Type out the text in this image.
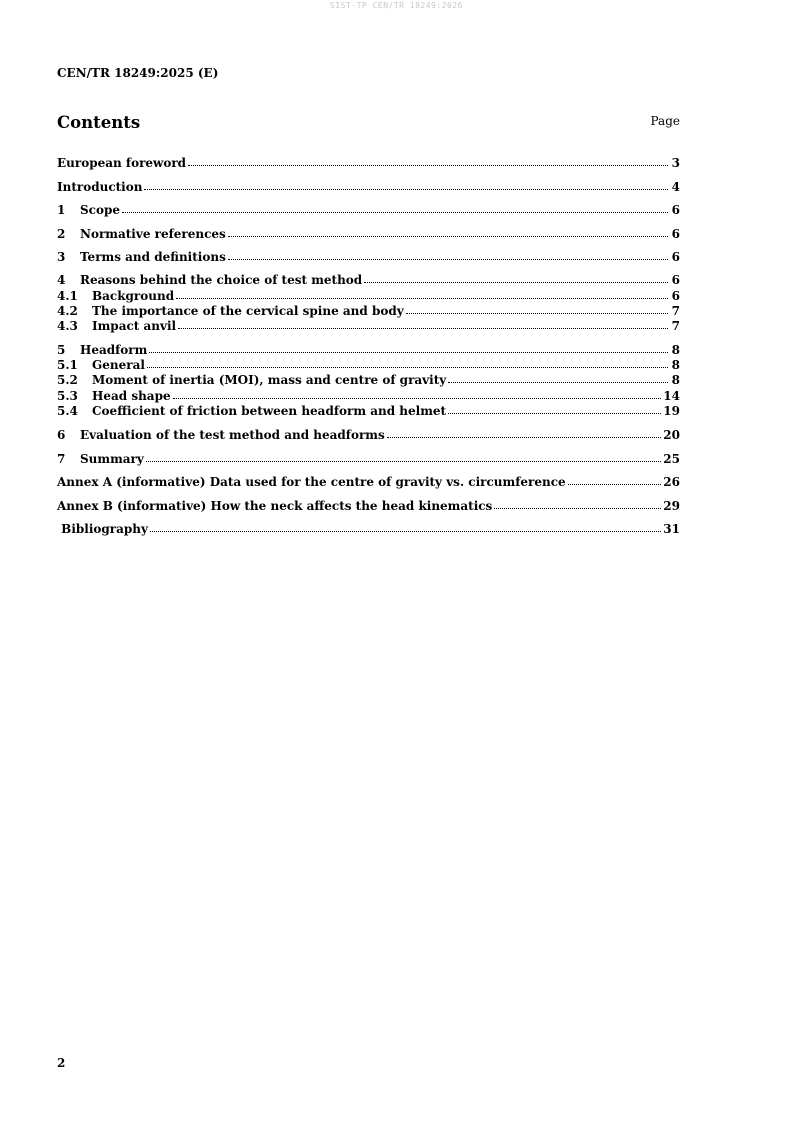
SIST-TP CEN/TR 18249:2026
CEN/TR 18249:2025 (E)
Contents	Page
European foreword	3
Introduction	4
1	Scope	6
2	Normative references	6
3	Terms and definitions	6
4	Reasons behind the choice of test method	6
4.1	Background	6
4.2	The importance of the cervical spine and body	7
4.3	Impact anvil	7
5	Headform	8
5.1	General	8
5.2	Moment of inertia (MOI), mass and centre of gravity	8
5.3	Head shape	14
5.4	Coefficient of friction between headform and helmet	19
6	Evaluation of the test method and headforms	20
7	Summary	25
Annex A (informative) Data used for the centre of gravity vs. circumference	26
Annex B (informative) How the neck affects the head kinematics	29
Bibliography	31
2
